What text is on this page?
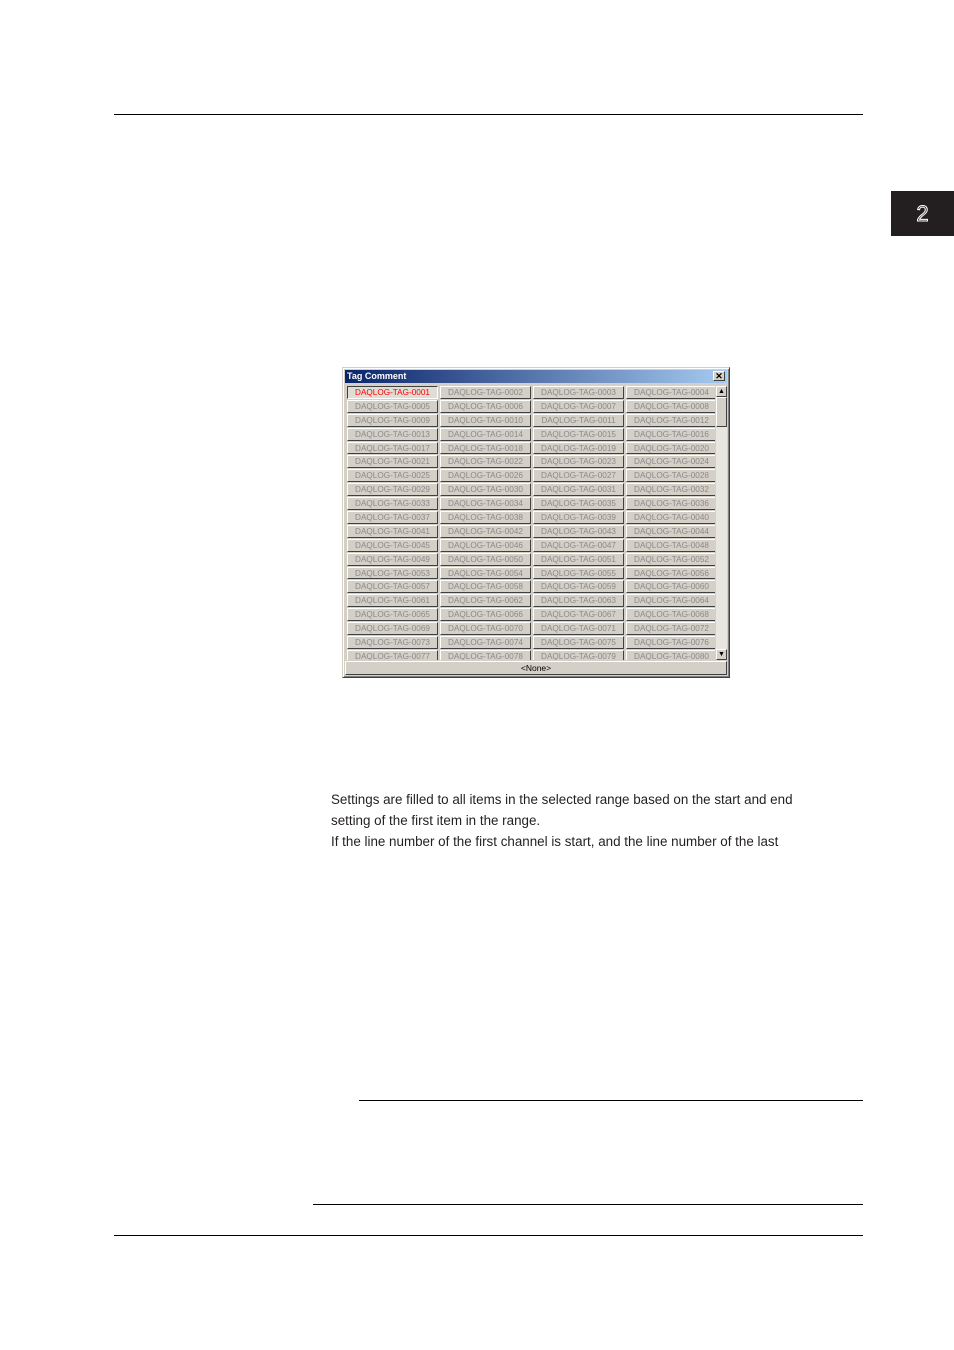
2
Tag Comment	✕
DAQLOG-TAG-0001	DAQLOG-TAG-0002	DAQLOG-TAG-0003	DAQLOG-TAG-0004
DAQLOG-TAG-0005	DAQLOG-TAG-0006	DAQLOG-TAG-0007	DAQLOG-TAG-0008
DAQLOG-TAG-0009	DAQLOG-TAG-0010	DAQLOG-TAG-0011	DAQLOG-TAG-0012
DAQLOG-TAG-0013	DAQLOG-TAG-0014	DAQLOG-TAG-0015	DAQLOG-TAG-0016
DAQLOG-TAG-0017	DAQLOG-TAG-0018	DAQLOG-TAG-0019	DAQLOG-TAG-0020
DAQLOG-TAG-0021	DAQLOG-TAG-0022	DAQLOG-TAG-0023	DAQLOG-TAG-0024
DAQLOG-TAG-0025	DAQLOG-TAG-0026	DAQLOG-TAG-0027	DAQLOG-TAG-0028
DAQLOG-TAG-0029	DAQLOG-TAG-0030	DAQLOG-TAG-0031	DAQLOG-TAG-0032
DAQLOG-TAG-0033	DAQLOG-TAG-0034	DAQLOG-TAG-0035	DAQLOG-TAG-0036
DAQLOG-TAG-0037	DAQLOG-TAG-0038	DAQLOG-TAG-0039	DAQLOG-TAG-0040
DAQLOG-TAG-0041	DAQLOG-TAG-0042	DAQLOG-TAG-0043	DAQLOG-TAG-0044
DAQLOG-TAG-0045	DAQLOG-TAG-0046	DAQLOG-TAG-0047	DAQLOG-TAG-0048
DAQLOG-TAG-0049	DAQLOG-TAG-0050	DAQLOG-TAG-0051	DAQLOG-TAG-0052
DAQLOG-TAG-0053	DAQLOG-TAG-0054	DAQLOG-TAG-0055	DAQLOG-TAG-0056
DAQLOG-TAG-0057	DAQLOG-TAG-0058	DAQLOG-TAG-0059	DAQLOG-TAG-0060
DAQLOG-TAG-0061	DAQLOG-TAG-0062	DAQLOG-TAG-0063	DAQLOG-TAG-0064
DAQLOG-TAG-0065	DAQLOG-TAG-0066	DAQLOG-TAG-0067	DAQLOG-TAG-0068
DAQLOG-TAG-0069	DAQLOG-TAG-0070	DAQLOG-TAG-0071	DAQLOG-TAG-0072
DAQLOG-TAG-0073	DAQLOG-TAG-0074	DAQLOG-TAG-0075	DAQLOG-TAG-0076
DAQLOG-TAG-0077	DAQLOG-TAG-0078	DAQLOG-TAG-0079	DAQLOG-TAG-0080
▲
▼
<None>

Settings are filled to all items in the selected range based on the start and end

setting of the first item in the range.

If the line number of the first channel is start, and the line number of the last
